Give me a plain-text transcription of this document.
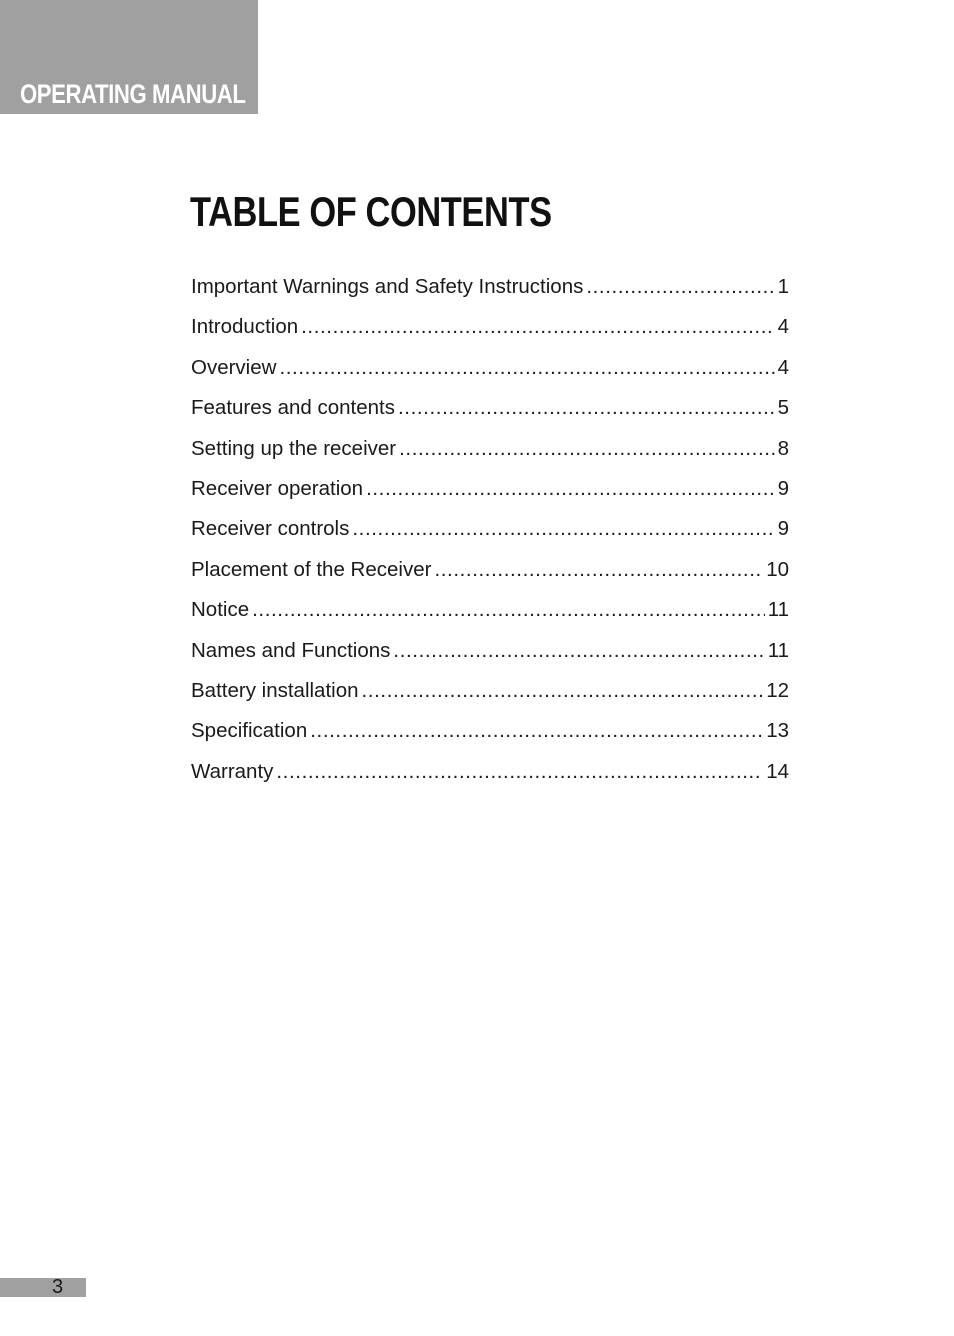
OPERATING MANUAL
TABLE OF CONTENTS
Important Warnings and Safety Instructions .....	1
Introduction .....	4
Overview .....	4
Features and contents .....	5
Setting up the receiver .....	8
Receiver operation .....	9
Receiver controls .....	9
Placement of the Receiver .....	10
Notice .....	11
Names and Functions .....	11
Battery installation .....	12
Specification .....	13
Warranty .....	14
3
